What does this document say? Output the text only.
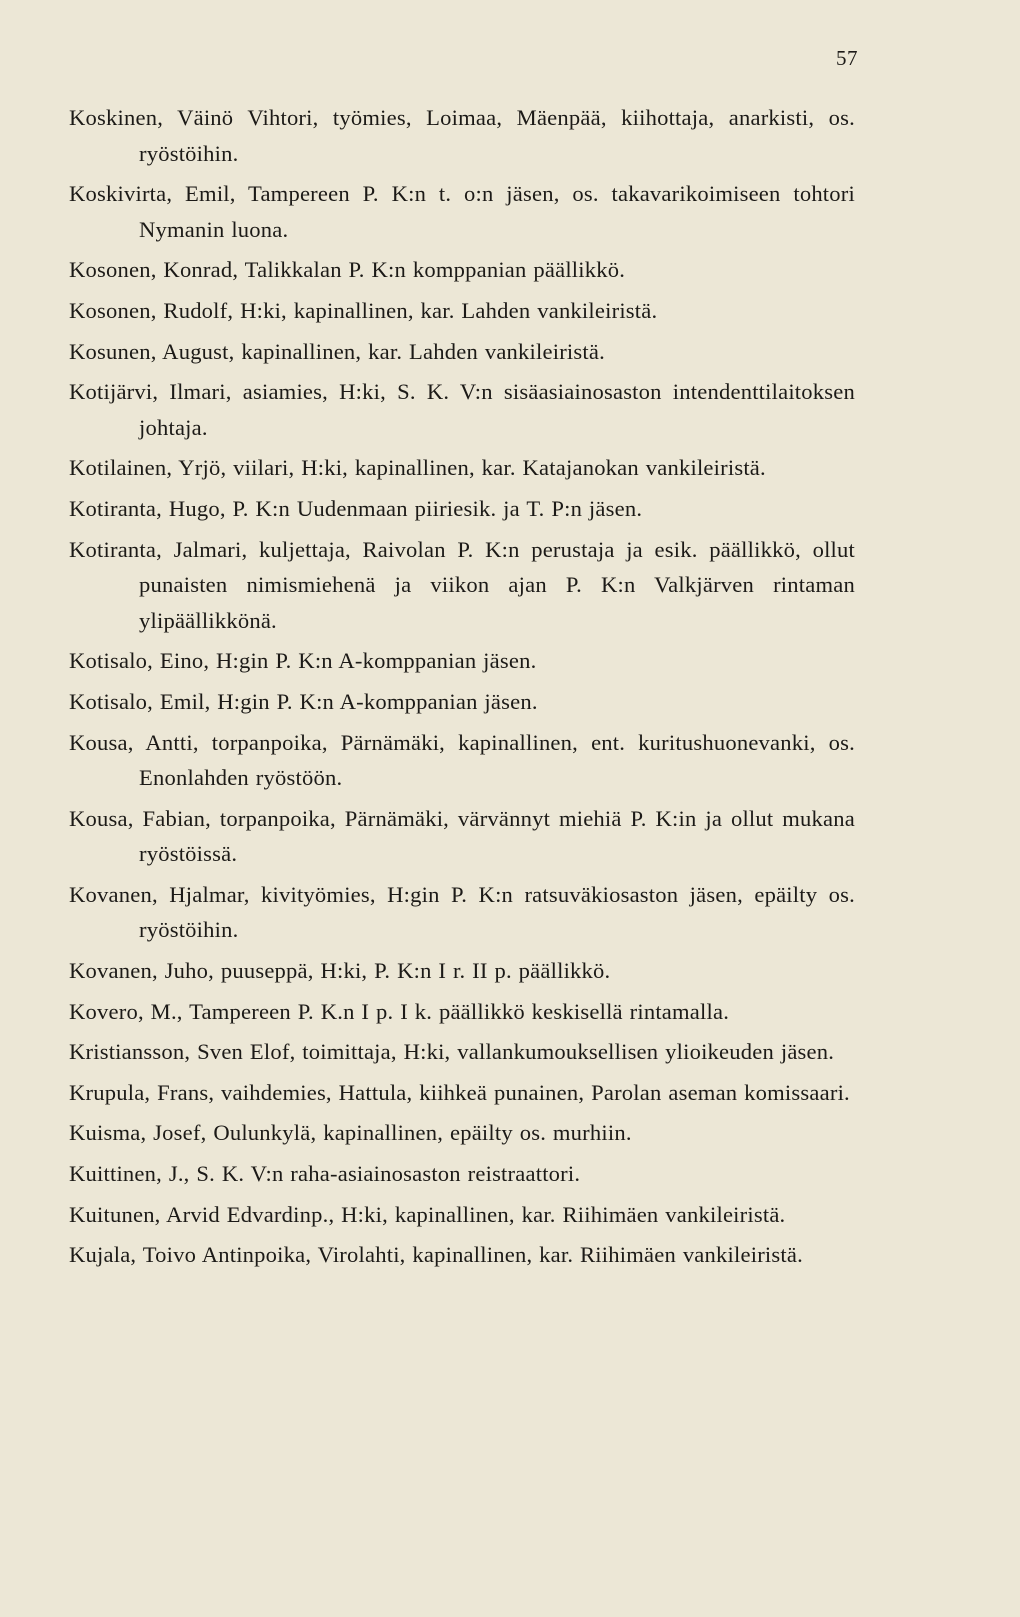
57
Koskinen, Väinö Vihtori, työmies, Loimaa, Mäenpää, kiihottaja, anarkisti, os. ryöstöihin.
Koskivirta, Emil, Tampereen P. K:n t. o:n jäsen, os. takavarikoimiseen tohtori Nymanin luona.
Kosonen, Konrad, Talikkalan P. K:n komppanian päällikkö.
Kosonen, Rudolf, H:ki, kapinallinen, kar. Lahden vankileiristä.
Kosunen, August, kapinallinen, kar. Lahden vankileiristä.
Kotijärvi, Ilmari, asiamies, H:ki, S. K. V:n sisäasiainosaston intendenttilaitoksen johtaja.
Kotilainen, Yrjö, viilari, H:ki, kapinallinen, kar. Katajanokan vankileiristä.
Kotiranta, Hugo, P. K:n Uudenmaan piiriesik. ja T. P:n jäsen.
Kotiranta, Jalmari, kuljettaja, Raivolan P. K:n perustaja ja esik. päällikkö, ollut punaisten nimismiehenä ja viikon ajan P. K:n Valkjärven rintaman ylipäällikkönä.
Kotisalo, Eino, H:gin P. K:n A-komppanian jäsen.
Kotisalo, Emil, H:gin P. K:n A-komppanian jäsen.
Kousa, Antti, torpanpoika, Pärnämäki, kapinallinen, ent. kuritushuonevanki, os. Enonlahden ryöstöön.
Kousa, Fabian, torpanpoika, Pärnämäki, värvännyt miehiä P. K:in ja ollut mukana ryöstöissä.
Kovanen, Hjalmar, kivityömies, H:gin P. K:n ratsuväkiosaston jäsen, epäilty os. ryöstöihin.
Kovanen, Juho, puuseppä, H:ki, P. K:n I r. II p. päällikkö.
Kovero, M., Tampereen P. K.n I p. I k. päällikkö keskisellä rintamalla.
Kristiansson, Sven Elof, toimittaja, H:ki, vallankumouksellisen ylioikeuden jäsen.
Krupula, Frans, vaihdemies, Hattula, kiihkeä punainen, Parolan aseman komissaari.
Kuisma, Josef, Oulunkylä, kapinallinen, epäilty os. murhiin.
Kuittinen, J., S. K. V:n raha-asiainosaston reistraattori.
Kuitunen, Arvid Edvardinp., H:ki, kapinallinen, kar. Riihimäen vankileiristä.
Kujala, Toivo Antinpoika, Virolahti, kapinallinen, kar. Riihimäen vankileiristä.
